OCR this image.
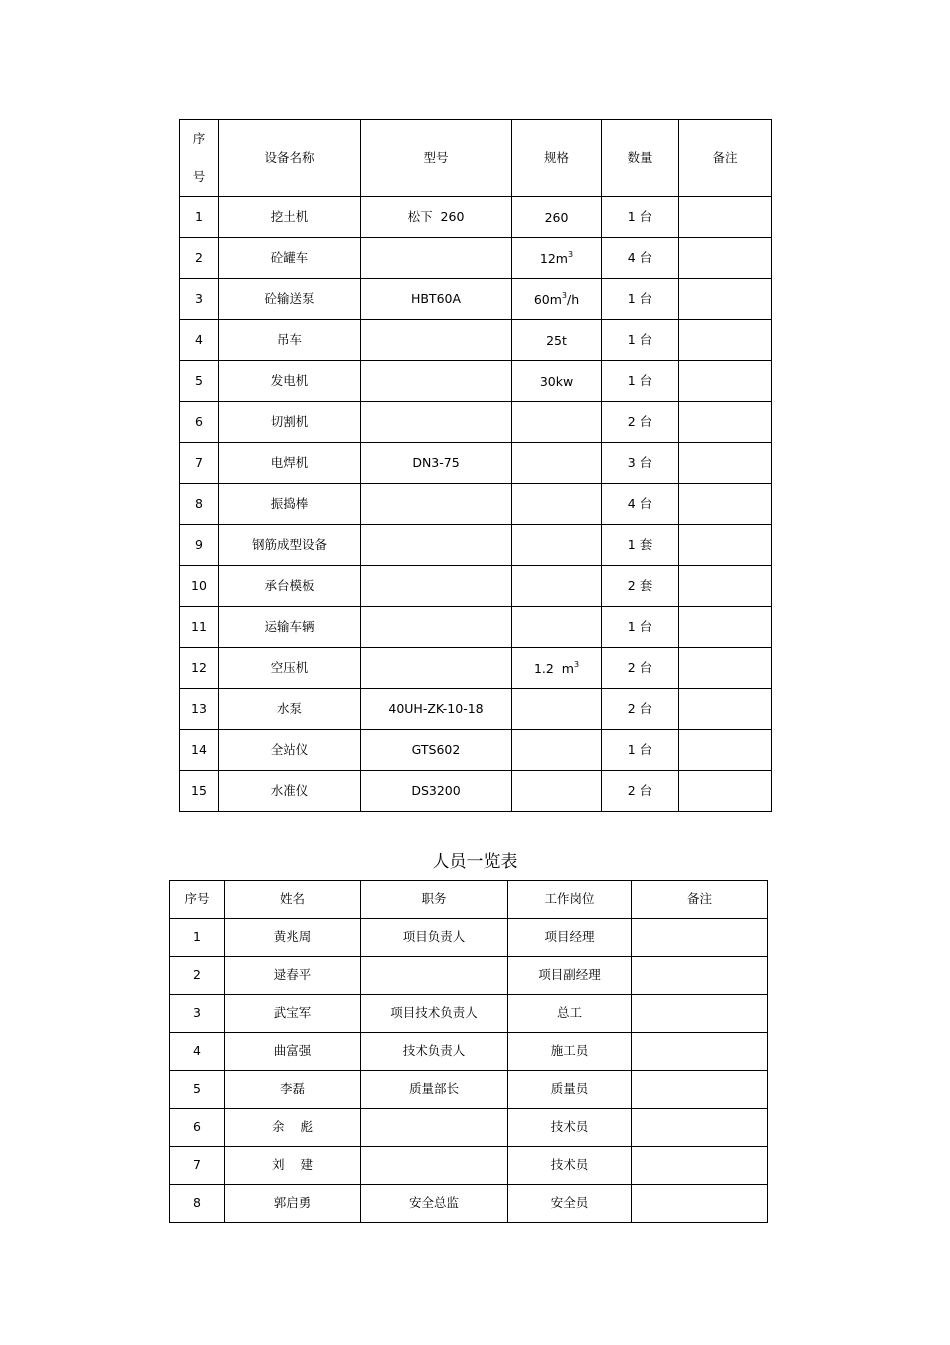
序
号	设备名称	型号	规格	数量	备注
1	挖土机	松下  260	260	1 台	
2	砼罐车		$12m^3$	4 台	
3	砼输送泵	HBT60A	$60m^3/h$	1 台	
4	吊车		25t	1 台	
5	发电机		30kw	1 台	
6	切割机			2 台	
7	电焊机	DN3-75		3 台	
8	振捣棒			4 台	
9	钢筋成型设备			1 套	
10	承台模板			2 套	
11	运输车辆			1 台	
12	空压机		1.2  $m^3$	2 台	
13	水泵	40UH-ZK-10-18		2 台	
14	全站仪	GTS602		1 台	
15	水准仪	DS3200		2 台	
人员一览表
序号	姓名	职务	工作岗位	备注
1	黄兆周	项目负责人	项目经理	
2	逯春平		项目副经理	
3	武宝军	项目技术负责人	总工	
4	曲富强	技术负责人	施工员	
5	李磊	质量部长	质量员	
6	余    彪		技术员	
7	刘    建		技术员	
8	郭启勇	安全总监	安全员	
